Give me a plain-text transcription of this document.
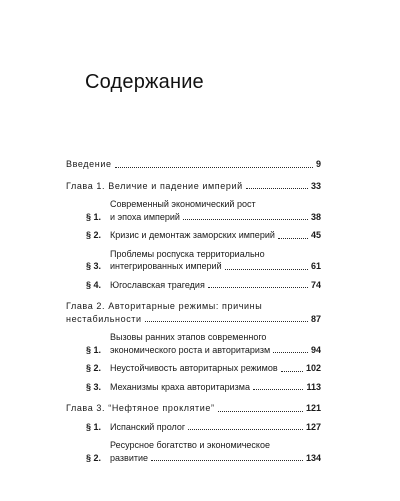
Содержание
Введение	9
Глава 1. Величие и падение империй	33
§ 1.
Современный экономический рост
и эпоха империй	38
§ 2. Кризис и демонтаж заморских империй	45
§ 3.
Проблемы роспуска территориально
интегрированных империй	61
§ 4. Югославская трагедия	74
Глава 2. Авторитарные режимы: причины
нестабильности	87
§ 1.
Вызовы ранних этапов современного
экономического роста и авторитаризм	94
§ 2. Неустойчивость авторитарных режимов	102
§ 3. Механизмы краха авторитаризма	113
Глава 3. “Нефтяное проклятие”	121
§ 1. Испанский пролог	127
§ 2.
Ресурсное богатство и экономическое
развитие	134
